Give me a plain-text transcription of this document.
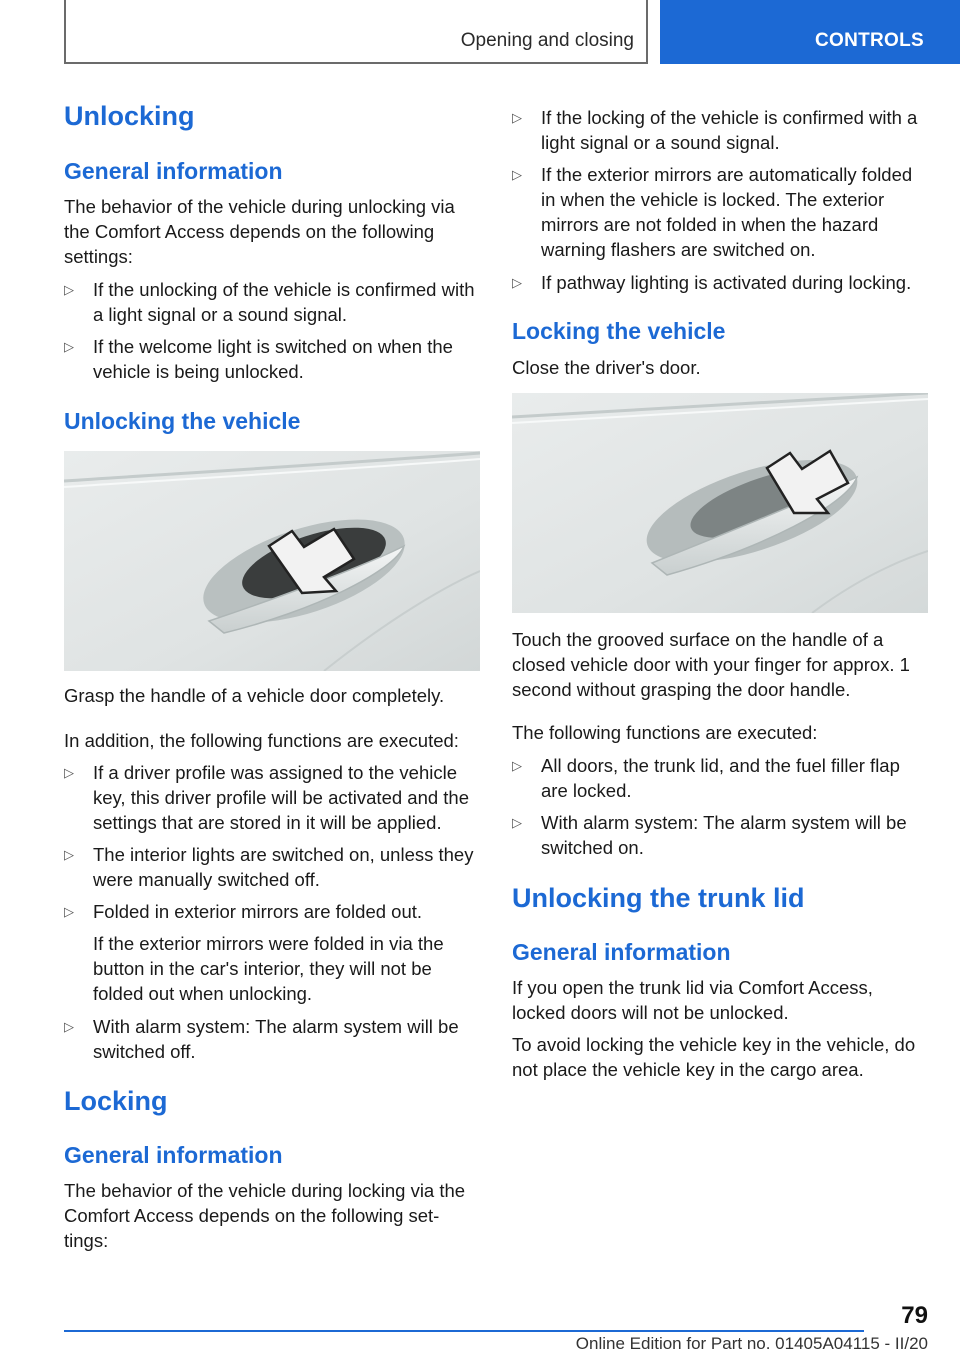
Opening and closing	CONTROLS
Unlocking
General information

The behavior of the vehicle during unlocking via the Comfort Access depends on the following settings:

▷ If the unlocking of the vehicle is confirmed with a light signal or a sound signal.
▷ If the welcome light is switched on when the vehicle is being unlocked.
Unlocking the vehicle

Grasp the handle of a vehicle door completely.

In addition, the following functions are executed:

▷ If a driver profile was assigned to the vehicle key, this driver profile will be activated and the settings that are stored in it will be applied.
▷ The interior lights are switched on, unless they were manually switched off.
▷ Folded in exterior mirrors are folded out.

If the exterior mirrors were folded in via the button in the car's interior, they will not be folded out when unlocking.

▷ With alarm system: The alarm system will be switched off.
Locking
General information

The behavior of the vehicle during locking via the Comfort Access depends on the following set-tings:

▷ If the locking of the vehicle is confirmed with a light signal or a sound signal.
▷ If the exterior mirrors are automatically folded in when the vehicle is locked. The exterior mirrors are not folded in when the hazard warning flashers are switched on.
▷ If pathway lighting is activated during locking.
Locking the vehicle

Close the driver's door.

Touch the grooved surface on the handle of a closed vehicle door with your finger for approx. 1 second without grasping the door handle.

The following functions are executed:

▷ All doors, the trunk lid, and the fuel filler flap are locked.
▷ With alarm system: The alarm system will be switched on.
Unlocking the trunk lid
General information

If you open the trunk lid via Comfort Access, locked doors will not be unlocked.

To avoid locking the vehicle key in the vehicle, do not place the vehicle key in the cargo area.

79
Online Edition for Part no. 01405A04115 - II/20
